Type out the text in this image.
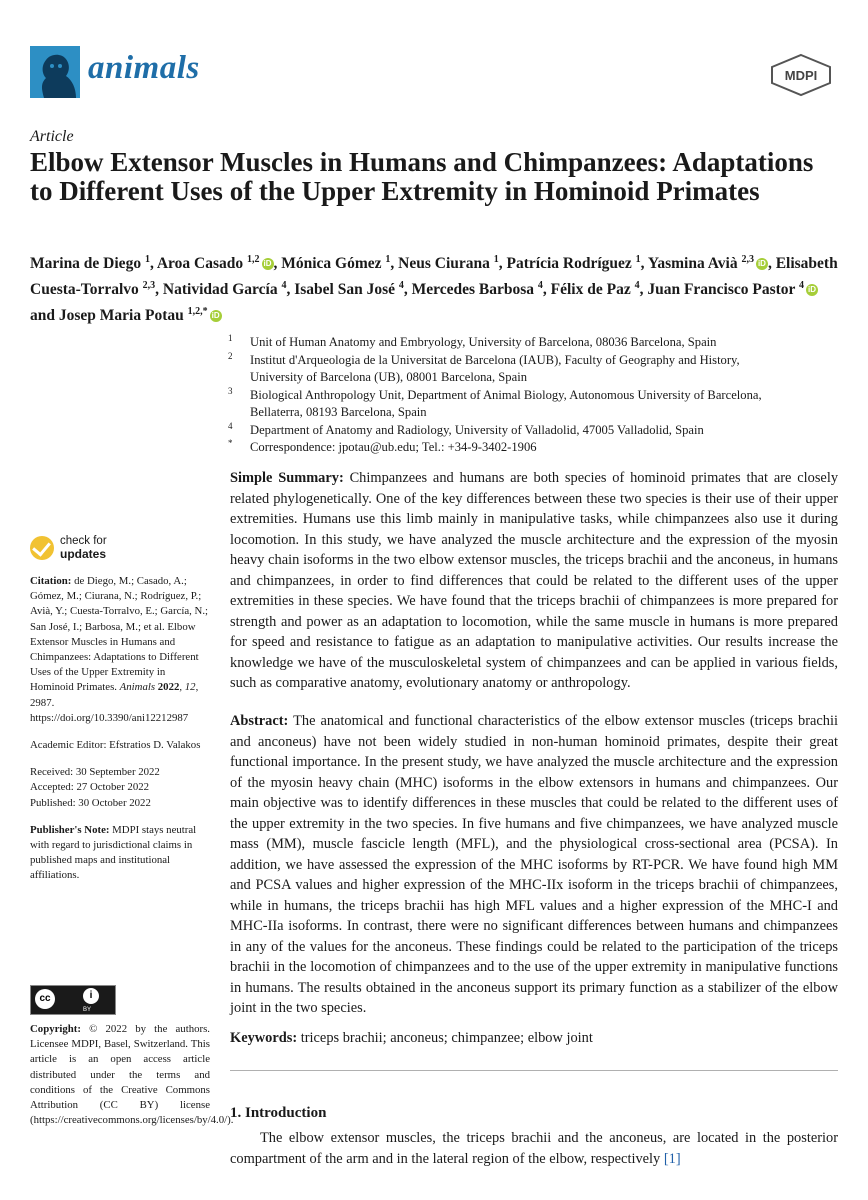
animals	MDPI
Article
Elbow Extensor Muscles in Humans and Chimpanzees: Adaptations to Different Uses of the Upper Extremity in Hominoid Primates
Marina de Diego $^1$, Aroa Casado $^{1,2}$ iD , Mónica Gómez $^1$, Neus Ciurana $^1$, Patrícia Rodríguez $^1$, Yasmina Avià $^{2,3}$ iD , Elisabeth Cuesta-Torralvo $^{2,3}$, Natividad García $^4$, Isabel San José $^4$, Mercedes Barbosa $^4$, Félix de Paz $^4$, Juan Francisco Pastor $^4$ iD and Josep Maria Potau $^{1,2,*}$ iD
1 Unit of Human Anatomy and Embryology, University of Barcelona, 08036 Barcelona, Spain
2 Institut d'Arqueologia de la Universitat de Barcelona (IAUB), Faculty of Geography and History,
University of Barcelona (UB), 08001 Barcelona, Spain
3 Biological Anthropology Unit, Department of Animal Biology, Autonomous University of Barcelona,
Bellaterra, 08193 Barcelona, Spain
4 Department of Anatomy and Radiology, University of Valladolid, 47005 Valladolid, Spain
* Correspondence: jpotau@ub.edu; Tel.: +34-9-3402-1906
check for
updates

Citation: de Diego, M.; Casado, A.; Gómez, M.; Ciurana, N.; Rodríguez, P.; Avià, Y.; Cuesta-Torralvo, E.; García, N.; San José, I.; Barbosa, M.; et al. Elbow Extensor Muscles in Humans and Chimpanzees: Adaptations to Different Uses of the Upper Extremity in Hominoid Primates. Animals 2022, 12, 2987. https://doi.org/10.3390/ani12212987

Academic Editor: Efstratios D. Valakos

Received: 30 September 2022

Accepted: 27 October 2022

Published: 30 October 2022

Publisher's Note: MDPI stays neutral with regard to jurisdictional claims in published maps and institutional affiliations.

cc	i
BY
Copyright: © 2022 by the authors. Licensee MDPI, Basel, Switzerland. This article is an open access article distributed under the terms and conditions of the Creative Commons Attribution (CC BY) license (https://creativecommons.org/licenses/by/4.0/).
Simple Summary: Chimpanzees and humans are both species of hominoid primates that are closely related phylogenetically. One of the key differences between these two species is their use of their upper extremities. Humans use this limb mainly in manipulative tasks, while chimpanzees also use it during locomotion. In this study, we have analyzed the muscle architecture and the expression of the myosin heavy chain isoforms in the two elbow extensor muscles, the triceps brachii and the anconeus, in humans and chimpanzees, in order to find differences that could be related to the different uses of the upper extremities in these species. We have found that the triceps brachii of chimpanzees is more prepared for strength and power as an adaptation to locomotion, while the same muscle in humans is more prepared for speed and resistance to fatigue as an adaptation to manipulative activities. Our results increase the knowledge we have of the musculoskeletal system of chimpanzees and can be applied in various fields, such as comparative anatomy, evolutionary anatomy or anthropology.
Abstract: The anatomical and functional characteristics of the elbow extensor muscles (triceps brachii and anconeus) have not been widely studied in non-human hominoid primates, despite their great functional importance. In the present study, we have analyzed the muscle architecture and the expression of the myosin heavy chain (MHC) isoforms in the elbow extensors in humans and chimpanzees. Our main objective was to identify differences in these muscles that could be related to the different uses of the upper extremity in the two species. In five humans and five chimpanzees, we have analyzed muscle mass (MM), muscle fascicle length (MFL), and the physiological cross-sectional area (PCSA). In addition, we have assessed the expression of the MHC isoforms by RT-PCR. We have found high MM and PCSA values and higher expression of the MHC-IIx isoform in the triceps brachii of chimpanzees, while in humans, the triceps brachii has high MFL values and a higher expression of the MHC-I and MHC-IIa isoforms. In contrast, there were no significant differences between humans and chimpanzees in any of the values for the anconeus. These findings could be related to the participation of the triceps brachii in the locomotion of chimpanzees and to the use of the upper extremity in manipulative functions in humans. The results obtained in the anconeus support its primary function as a stabilizer of the elbow joint in the two species.
Keywords: triceps brachii; anconeus; chimpanzee; elbow joint
1. Introduction
The elbow extensor muscles, the triceps brachii and the anconeus, are located in the posterior compartment of the arm and in the lateral region of the elbow, respectively [1]
